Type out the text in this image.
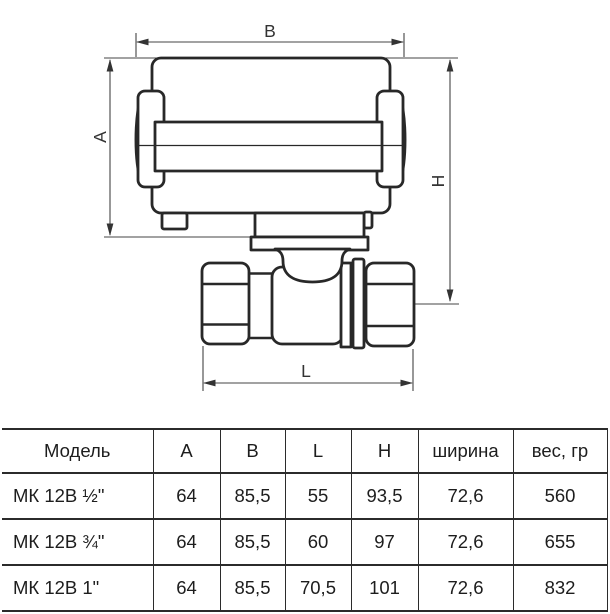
B
A
H
L
Модель	A	B	L	H	ширина	вес, гр
МК 12В ½"	64	85,5	55	93,5	72,6	560
МК 12В ¾"	64	85,5	60	97	72,6	655
МК 12В 1"	64	85,5	70,5	101	72,6	832
